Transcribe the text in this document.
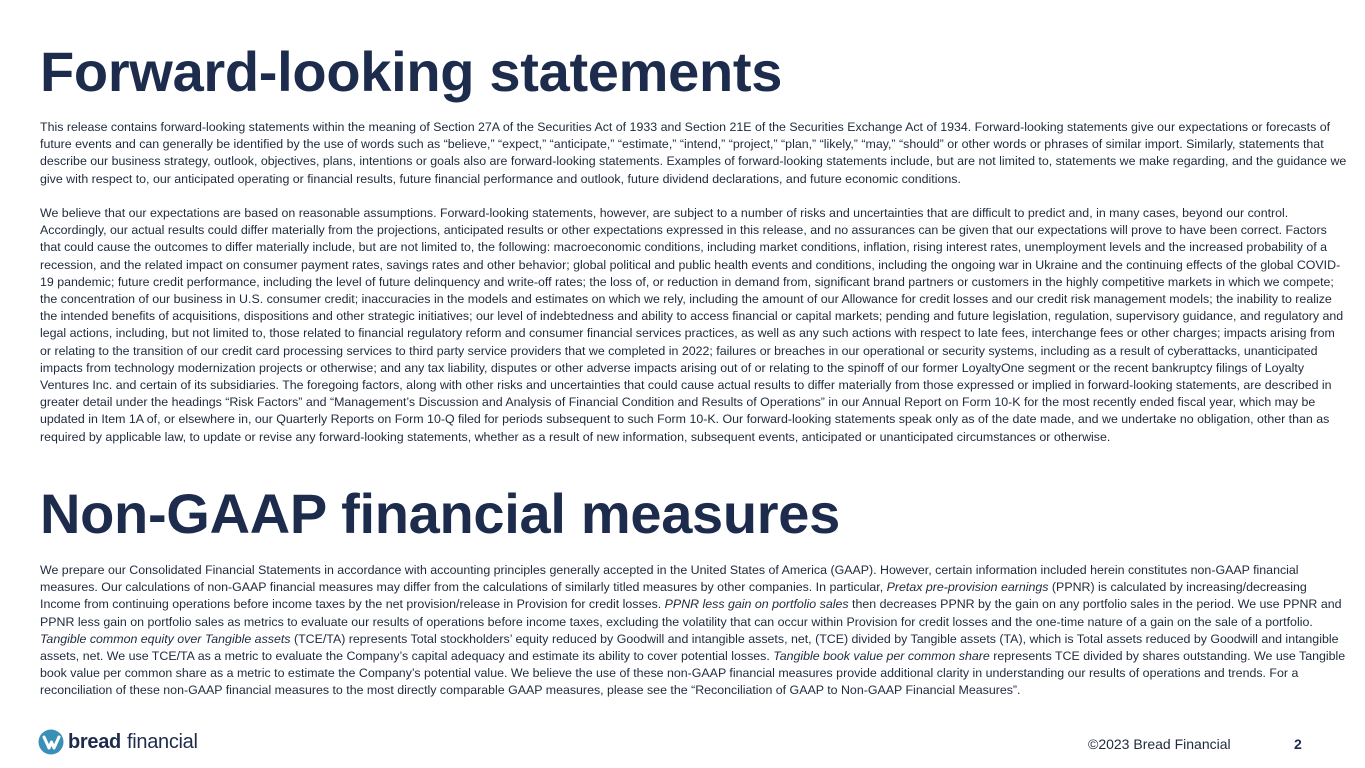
Forward-looking statements

This release contains forward-looking statements within the meaning of Section 27A of the Securities Act of 1933 and Section 21E of the Securities Exchange Act of 1934. Forward-looking statements give our expectations or forecasts of future events and can generally be identified by the use of words such as “believe,” “expect,” “anticipate,” “estimate,” “intend,” “project,” “plan,” “likely,” “may,” “should” or other words or phrases of similar import. Similarly, statements that describe our business strategy, outlook, objectives, plans, intentions or goals also are forward-looking statements. Examples of forward-looking statements include, but are not limited to, statements we make regarding, and the guidance we give with respect to, our anticipated operating or financial results, future financial performance and outlook, future dividend declarations, and future economic conditions.

We believe that our expectations are based on reasonable assumptions. Forward-looking statements, however, are subject to a number of risks and uncertainties that are difficult to predict and, in many cases, beyond our control. Accordingly, our actual results could differ materially from the projections, anticipated results or other expectations expressed in this release, and no assurances can be given that our expectations will prove to have been correct. Factors that could cause the outcomes to differ materially include, but are not limited to, the following: macroeconomic conditions, including market conditions, inflation, rising interest rates, unemployment levels and the increased probability of a recession, and the related impact on consumer payment rates, savings rates and other behavior; global political and public health events and conditions, including the ongoing war in Ukraine and the continuing effects of the global COVID-19 pandemic; future credit performance, including the level of future delinquency and write-off rates; the loss of, or reduction in demand from, significant brand partners or customers in the highly competitive markets in which we compete; the concentration of our business in U.S. consumer credit; inaccuracies in the models and estimates on which we rely, including the amount of our Allowance for credit losses and our credit risk management models; the inability to realize the intended benefits of acquisitions, dispositions and other strategic initiatives; our level of indebtedness and ability to access financial or capital markets; pending and future legislation, regulation, supervisory guidance, and regulatory and legal actions, including, but not limited to, those related to financial regulatory reform and consumer financial services practices, as well as any such actions with respect to late fees, interchange fees or other charges; impacts arising from or relating to the transition of our credit card processing services to third party service providers that we completed in 2022; failures or breaches in our operational or security systems, including as a result of cyberattacks, unanticipated impacts from technology modernization projects or otherwise; and any tax liability, disputes or other adverse impacts arising out of or relating to the spinoff of our former LoyaltyOne segment or the recent bankruptcy filings of Loyalty Ventures Inc. and certain of its subsidiaries. The foregoing factors, along with other risks and uncertainties that could cause actual results to differ materially from those expressed or implied in forward-looking statements, are described in greater detail under the headings “Risk Factors” and “Management’s Discussion and Analysis of Financial Condition and Results of Operations” in our Annual Report on Form 10-K for the most recently ended fiscal year, which may be updated in Item 1A of, or elsewhere in, our Quarterly Reports on Form 10-Q filed for periods subsequent to such Form 10-K. Our forward-looking statements speak only as of the date made, and we undertake no obligation, other than as required by applicable law, to update or revise any forward-looking statements, whether as a result of new information, subsequent events, anticipated or unanticipated circumstances or otherwise.

Non-GAAP financial measures

We prepare our Consolidated Financial Statements in accordance with accounting principles generally accepted in the United States of America (GAAP). However, certain information included herein constitutes non-GAAP financial measures. Our calculations of non-GAAP financial measures may differ from the calculations of similarly titled measures by other companies. In particular, Pretax pre-provision earnings (PPNR) is calculated by increasing/decreasing Income from continuing operations before income taxes by the net provision/release in Provision for credit losses. PPNR less gain on portfolio sales then decreases PPNR by the gain on any portfolio sales in the period. We use PPNR and PPNR less gain on portfolio sales as metrics to evaluate our results of operations before income taxes, excluding the volatility that can occur within Provision for credit losses and the one-time nature of a gain on the sale of a portfolio. Tangible common equity over Tangible assets (TCE/TA) represents Total stockholders’ equity reduced by Goodwill and intangible assets, net, (TCE) divided by Tangible assets (TA), which is Total assets reduced by Goodwill and intangible assets, net. We use TCE/TA as a metric to evaluate the Company’s capital adequacy and estimate its ability to cover potential losses. Tangible book value per common share represents TCE divided by shares outstanding. We use Tangible book value per common share as a metric to estimate the Company’s potential value. We believe the use of these non-GAAP financial measures provide additional clarity in understanding our results of operations and trends. For a reconciliation of these non-GAAP financial measures to the most directly comparable GAAP measures, please see the “Reconciliation of GAAP to Non-GAAP Financial Measures”.

bread financial	©2023 Bread Financial	2
